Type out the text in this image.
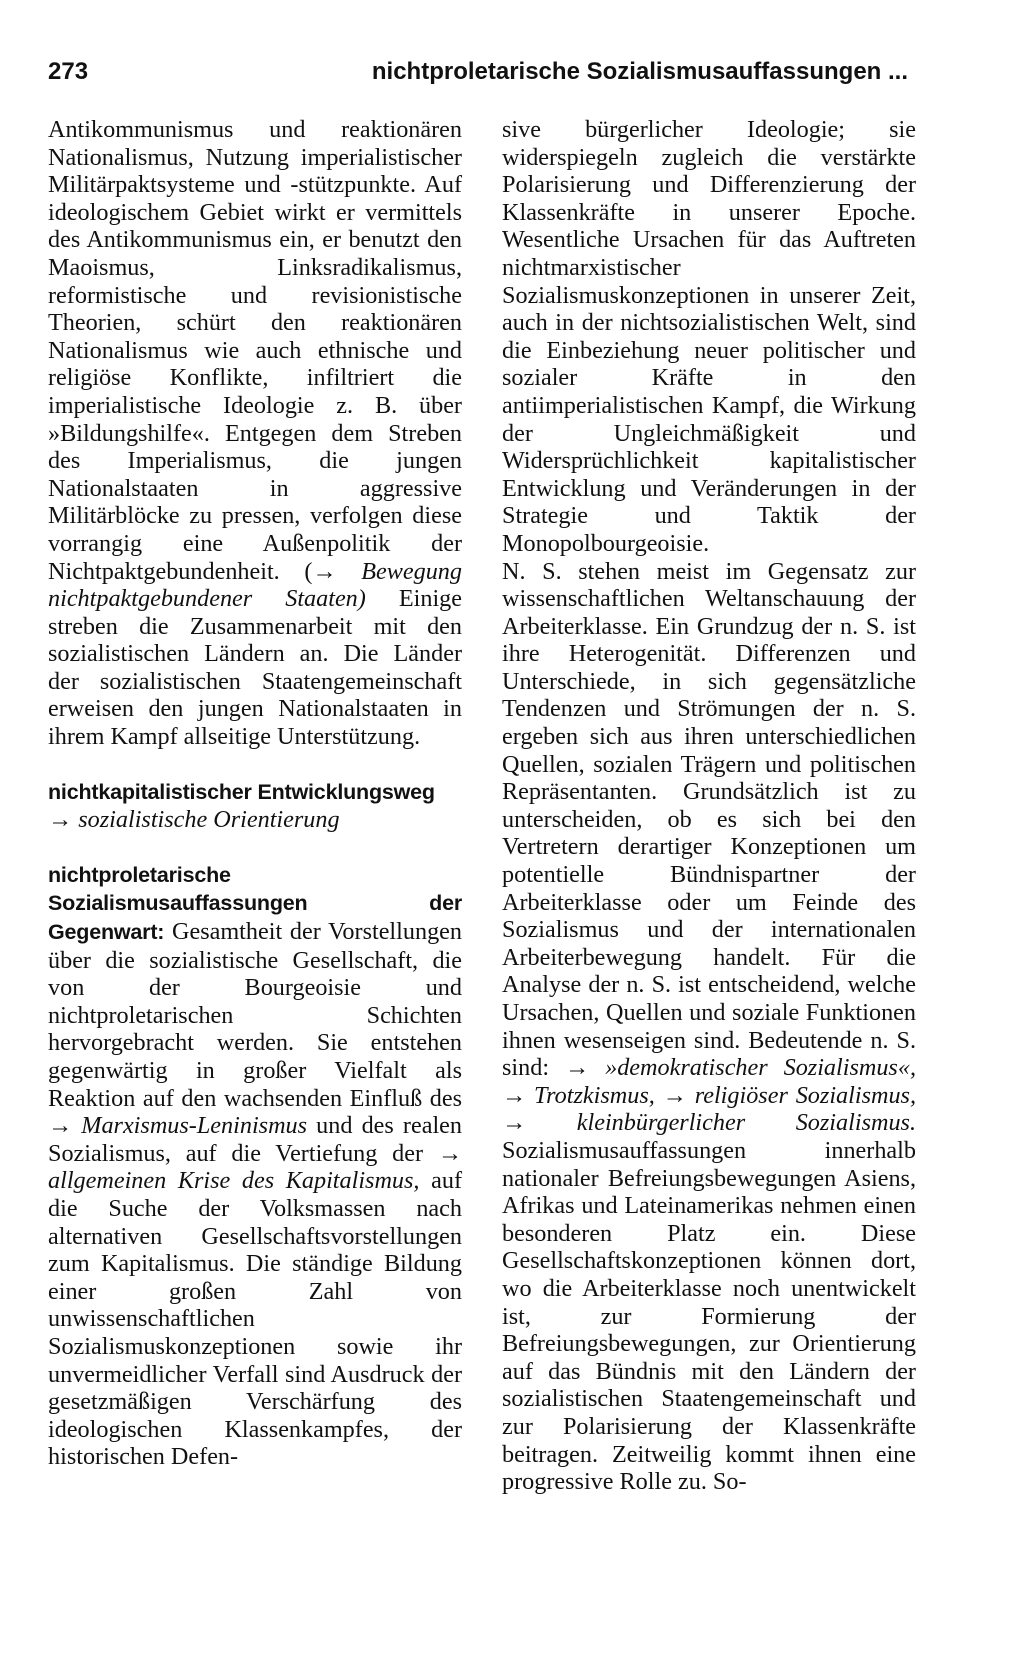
273	nichtproletarische Sozialismusauffassungen ...

Antikommunismus und reaktionären Nationalismus, Nutzung imperialistischer Militärpaktsysteme und -stützpunkte. Auf ideologischem Gebiet wirkt er vermittels des Antikommunismus ein, er benutzt den Maoismus, Linksradikalismus, reformistische und revisionistische Theorien, schürt den reaktionären Nationalismus wie auch ethnische und religiöse Konflikte, infiltriert die imperialistische Ideologie z. B. über »Bildungshilfe«. Entgegen dem Streben des Imperialismus, die jungen Nationalstaaten in aggressive Militärblöcke zu pressen, verfolgen diese vorrangig eine Außenpolitik der Nichtpaktgebundenheit. (→ Bewegung nichtpaktgebundener Staaten) Einige streben die Zusammenarbeit mit den sozialistischen Ländern an. Die Länder der sozialistischen Staatengemeinschaft erweisen den jungen Nationalstaaten in ihrem Kampf allseitige Unterstützung.

nichtkapitalistischer Entwicklungsweg → sozialistische Orientierung

nichtproletarische Sozialismusauffassungen der Gegenwart: Gesamtheit der Vorstellungen über die sozialistische Gesellschaft, die von der Bourgeoisie und nichtproletarischen Schichten hervorgebracht werden. Sie entstehen gegenwärtig in großer Vielfalt als Reaktion auf den wachsenden Einfluß des → Marxismus-Leninismus und des realen Sozialismus, auf die Vertiefung der → allgemeinen Krise des Kapitalismus, auf die Suche der Volksmassen nach alternativen Gesellschaftsvorstellungen zum Kapitalismus. Die ständige Bildung einer großen Zahl von unwissenschaftlichen Sozialismuskonzeptionen sowie ihr unvermeidlicher Verfall sind Ausdruck der gesetzmäßigen Verschärfung des ideologischen Klassenkampfes, der historischen Defen-

sive bürgerlicher Ideologie; sie widerspiegeln zugleich die verstärkte Polarisierung und Differenzierung der Klassenkräfte in unserer Epoche. Wesentliche Ursachen für das Auftreten nichtmarxistischer Sozialismuskonzeptionen in unserer Zeit, auch in der nichtsozialistischen Welt, sind die Einbeziehung neuer politischer und sozialer Kräfte in den antiimperialistischen Kampf, die Wirkung der Ungleichmäßigkeit und Widersprüchlichkeit kapitalistischer Entwicklung und Veränderungen in der Strategie und Taktik der Monopolbourgeoisie.

N. S. stehen meist im Gegensatz zur wissenschaftlichen Weltanschauung der Arbeiterklasse. Ein Grundzug der n. S. ist ihre Heterogenität. Differenzen und Unterschiede, in sich gegensätzliche Tendenzen und Strömungen der n. S. ergeben sich aus ihren unterschiedlichen Quellen, sozialen Trägern und politischen Repräsentanten. Grundsätzlich ist zu unterscheiden, ob es sich bei den Vertretern derartiger Konzeptionen um potentielle Bündnispartner der Arbeiterklasse oder um Feinde des Sozialismus und der internationalen Arbeiterbewegung handelt. Für die Analyse der n. S. ist entscheidend, welche Ursachen, Quellen und soziale Funktionen ihnen wesenseigen sind. Bedeutende n. S. sind: → »demokratischer Sozialismus«, → Trotzkismus, → religiöser Sozialismus, → kleinbürgerlicher Sozialismus. Sozialismusauffassungen innerhalb nationaler Befreiungsbewegungen Asiens, Afrikas und Lateinamerikas nehmen einen besonderen Platz ein. Diese Gesellschaftskonzeptionen können dort, wo die Arbeiterklasse noch unentwickelt ist, zur Formierung der Befreiungsbewegungen, zur Orientierung auf das Bündnis mit den Ländern der sozialistischen Staatengemeinschaft und zur Polarisierung der Klassenkräfte beitragen. Zeitweilig kommt ihnen eine progressive Rolle zu. So-
